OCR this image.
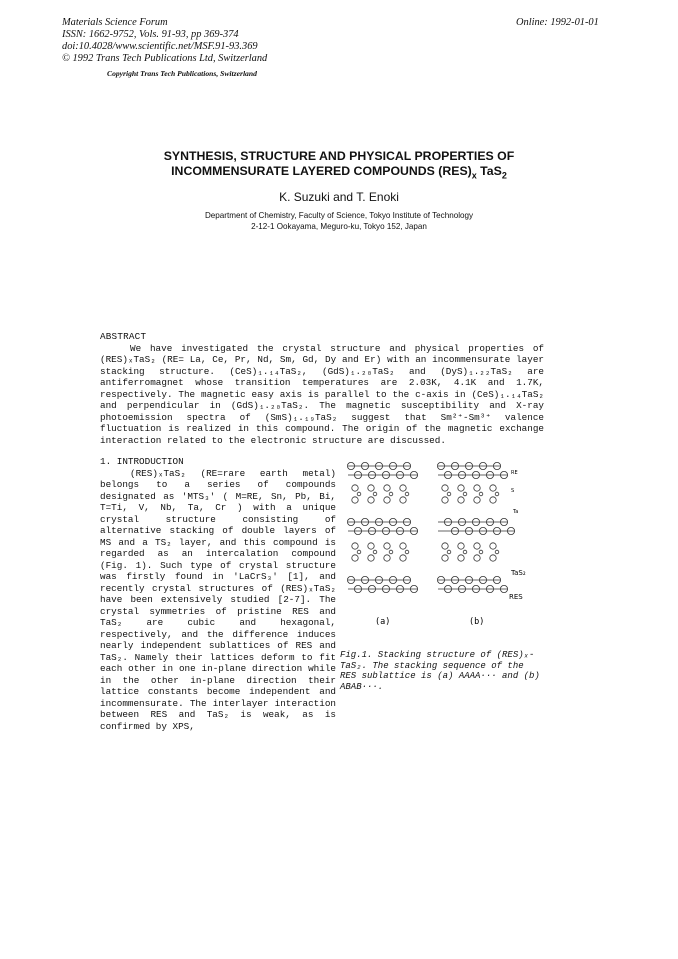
Materials Science Forum
ISSN: 1662-9752, Vols. 91-93, pp 369-374
doi:10.4028/www.scientific.net/MSF.91-93.369
© 1992 Trans Tech Publications Ltd, Switzerland
Copyright Trans Tech Publications, Switzerland
Online: 1992-01-01
SYNTHESIS, STRUCTURE AND PHYSICAL PROPERTIES OF
INCOMMENSURATE LAYERED COMPOUNDS $(RES)_x$ TaS$_2$
K. Suzuki and T. Enoki
Department of Chemistry, Faculty of Science, Tokyo Institute of Technology
2-12-1 Ookayama, Meguro-ku, Tokyo 152, Japan
ABSTRACT
We have investigated the crystal structure and physical properties of (RES)ₓTaS₂ (RE= La, Ce, Pr, Nd, Sm, Gd, Dy and Er) with an incommensurate layer stacking structure. (CeS)₁.₁₄TaS₂, (GdS)₁.₂₀TaS₂ and (DyS)₁.₂₂TaS₂ are antiferromagnet whose transition temperatures are 2.03K, 4.1K and 1.7K, respectively. The magnetic easy axis is parallel to the c-axis in (CeS)₁.₁₄TaS₂ and perpendicular in (GdS)₁.₂₀TaS₂. The magnetic susceptibility and X-ray photoemission spectra of (SmS)₁.₁₉TaS₂ suggest that Sm²⁺-Sm³⁺ valence fluctuation is realized in this compound. The origin of the magnetic exchange interaction related to the electronic structure are discussed.
1. INTRODUCTION
(RES)ₓTaS₂ (RE=rare earth metal) belongs to a series of compounds designated as 'MTS₃' ( M=RE, Sn, Pb, Bi, T=Ti, V, Nb, Ta, Cr ) with a unique crystal structure consisting of alternative stacking of double layers of MS and a TS₂ layer, and this compound is regarded as an intercalation compound (Fig. 1). Such type of crystal structure was firstly found in 'LaCrS₃' [1], and recently crystal structures of (RES)ₓTaS₂ have been extensively studied [2-7]. The crystal symmetries of pristine RES and TaS₂ are cubic and hexagonal, respectively, and the difference induces nearly independent sublattices of RES and TaS₂. Namely their lattices deform to fit each other in one in-plane direction while in the other in-plane direction their lattice constants become independent and incommensurate. The interlayer interaction between RES and TaS₂ is weak, as is confirmed by XPS,
(a)	(b)
RE
S
Ta
TaS₂
RES
Fig.1. Stacking structure of (RES)ₓ-TaS₂. The stacking sequence of the RES sublattice is (a) AAAA··· and (b) ABAB···.
